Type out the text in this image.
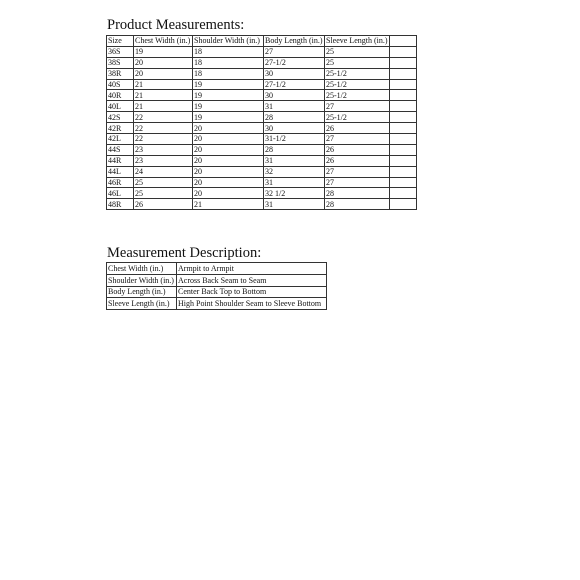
Product Measurements:
Size	Chest Width (in.)	Shoulder Width (in.)	Body Length (in.)	Sleeve Length (in.)	
36S	19	18	27	25	
38S	20	18	27-1/2	25	
38R	20	18	30	25-1/2	
40S	21	19	27-1/2	25-1/2	
40R	21	19	30	25-1/2	
40L	21	19	31	27	
42S	22	19	28	25-1/2	
42R	22	20	30	26	
42L	22	20	31-1/2	27	
44S	23	20	28	26	
44R	23	20	31	26	
44L	24	20	32	27	
46R	25	20	31	27	
46L	25	20	32 1/2	28	
48R	26	21	31	28	
Measurement Description:
Chest Width (in.)	Armpit to Armpit
Shoulder Width (in.)	Across Back Seam to Seam
Body Length (in.)	Center Back Top to Bottom
Sleeve Length (in.)	High Point Shoulder Seam to Sleeve Bottom
